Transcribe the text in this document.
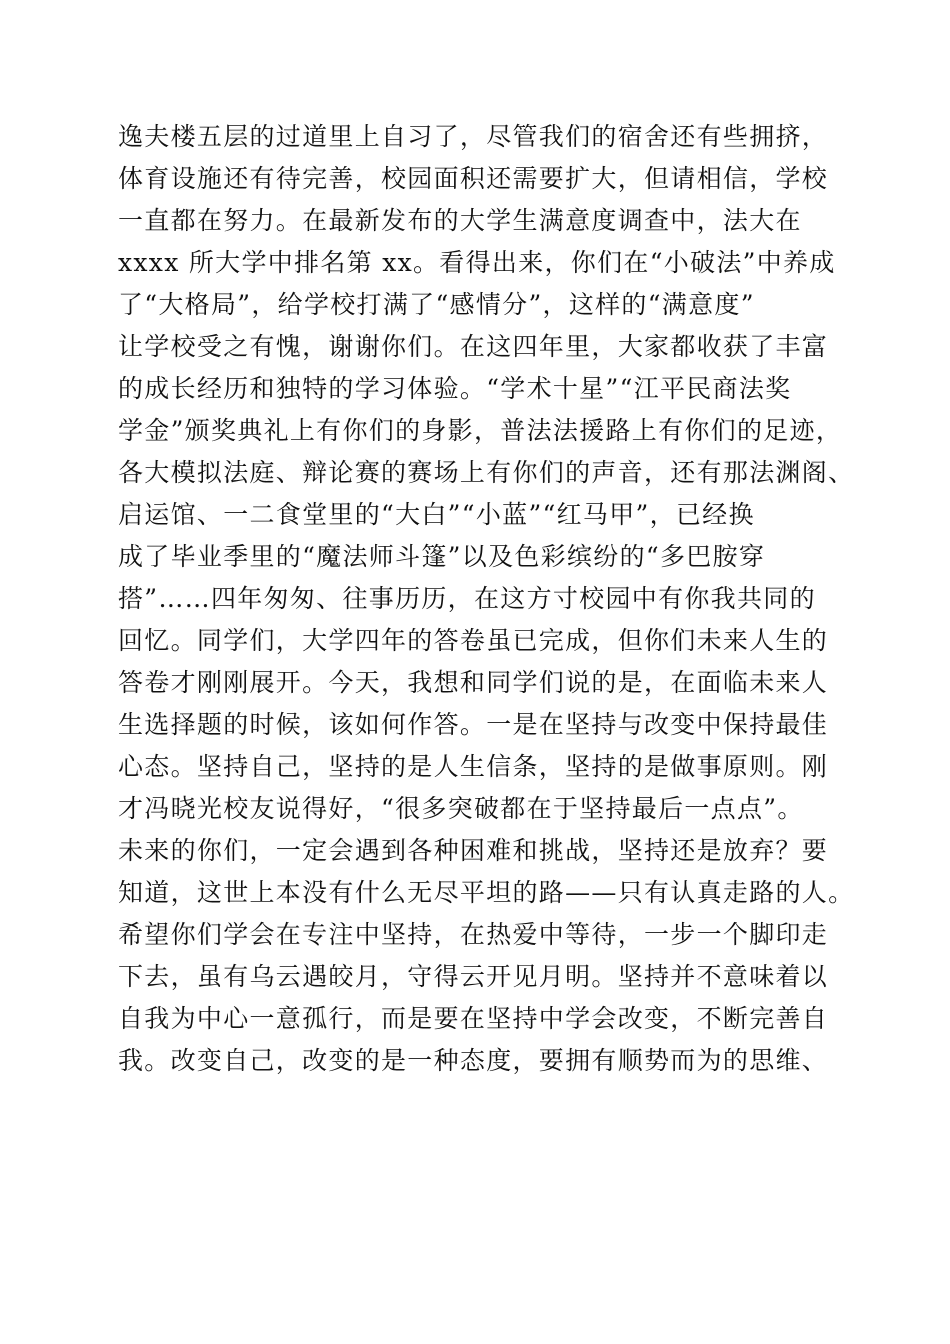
逸夫楼五层的过道里上自习了，尽管我们的宿舍还有些拥挤，
体育设施还有待完善，校园面积还需要扩大，但请相信，学校
一直都在努力。在最新发布的大学生满意度调查中，法大在
xxxx 所大学中排名第 xx。看得出来，你们在“小破法”中养成
了“大格局”，给学校打满了“感情分”，这样的“满意度”
让学校受之有愧，谢谢你们。在这四年里，大家都收获了丰富
的成长经历和独特的学习体验。“学术十星”“江平民商法奖
学金”颁奖典礼上有你们的身影，普法法援路上有你们的足迹，
各大模拟法庭、辩论赛的赛场上有你们的声音，还有那法渊阁、
启运馆、一二食堂里的“大白”“小蓝”“红马甲”，已经换
成了毕业季里的“魔法师斗篷”以及色彩缤纷的“多巴胺穿
搭”……四年匆匆、往事历历，在这方寸校园中有你我共同的
回忆。同学们，大学四年的答卷虽已完成，但你们未来人生的
答卷才刚刚展开。今天，我想和同学们说的是，在面临未来人
生选择题的时候，该如何作答。一是在坚持与改变中保持最佳
心态。坚持自己，坚持的是人生信条，坚持的是做事原则。刚
才冯晓光校友说得好，“很多突破都在于坚持最后一点点”。
未来的你们，一定会遇到各种困难和挑战，坚持还是放弃？要
知道，这世上本没有什么无尽平坦的路——只有认真走路的人。
希望你们学会在专注中坚持，在热爱中等待，一步一个脚印走
下去，虽有乌云遇皎月，守得云开见月明。坚持并不意味着以
自我为中心一意孤行，而是要在坚持中学会改变，不断完善自
我。改变自己，改变的是一种态度，要拥有顺势而为的思维、
